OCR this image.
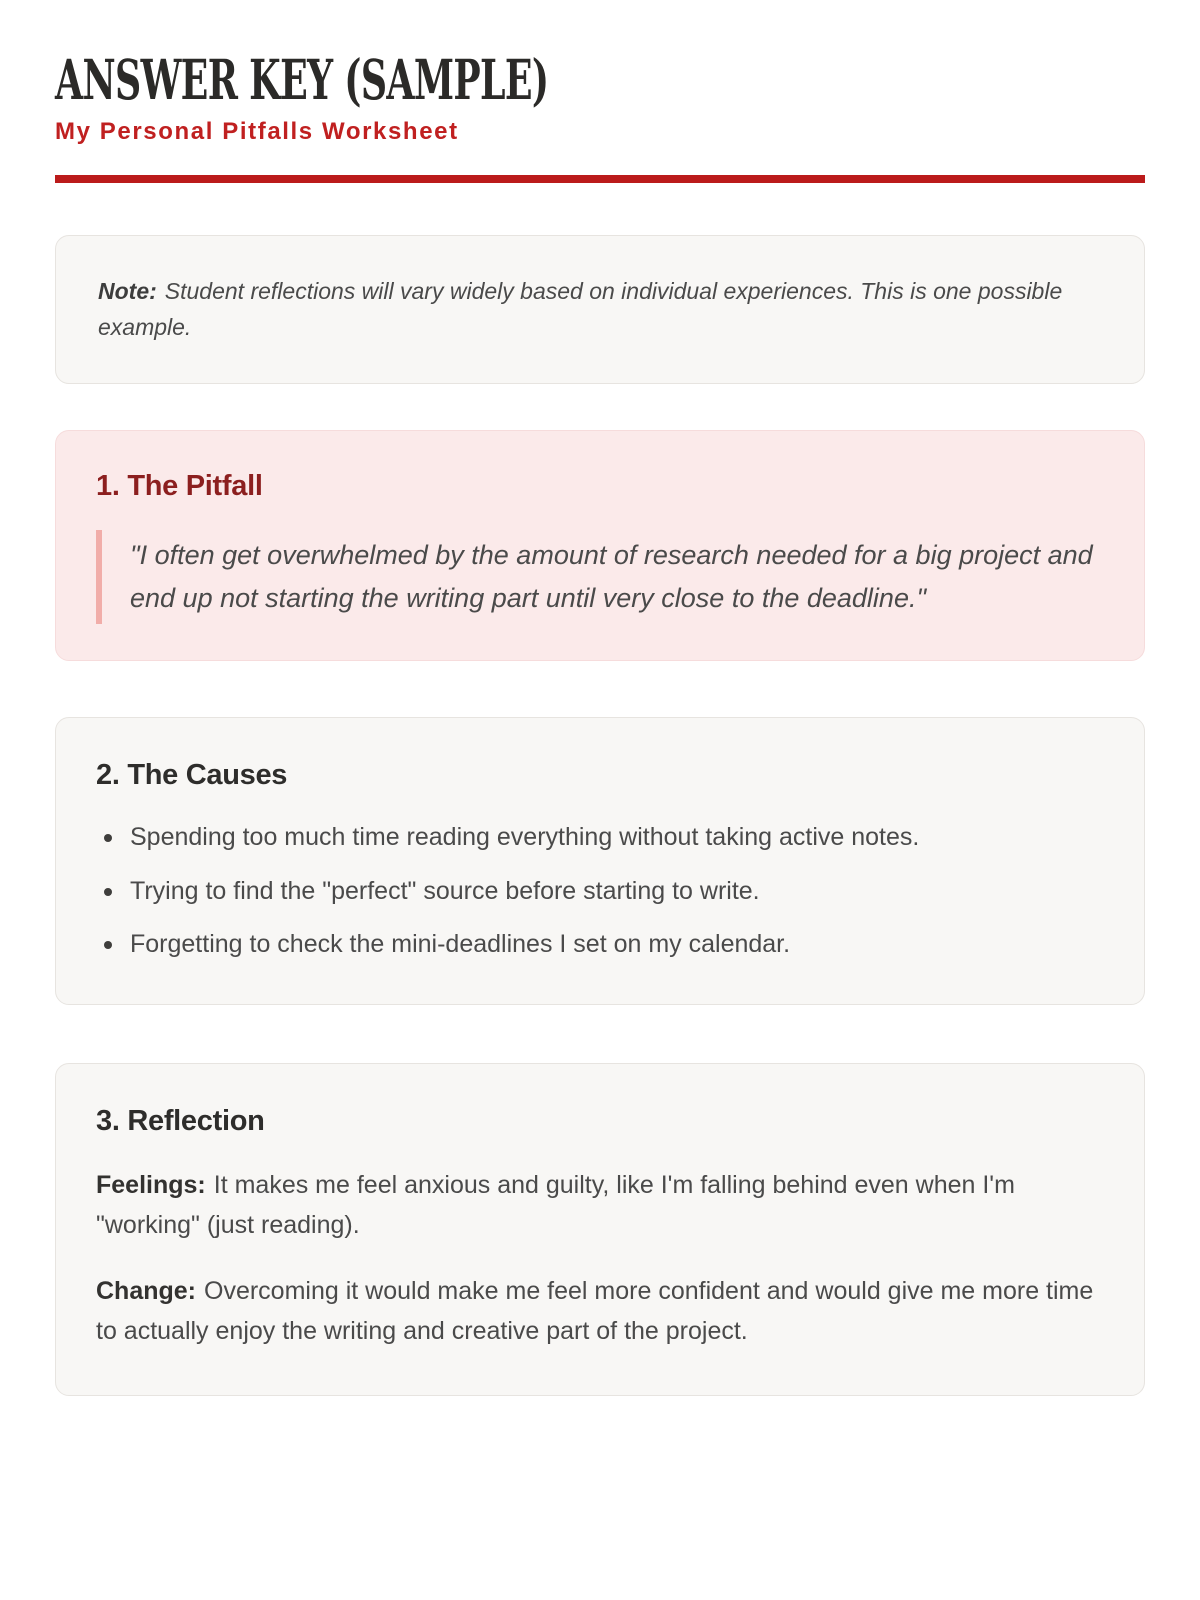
ANSWER KEY (SAMPLE)
My Personal Pitfalls Worksheet

Note: Student reflections will vary widely based on individual experiences. This is one possible example.

1. The Pitfall
"I often get overwhelmed by the amount of research needed for a big project and end up not starting the writing part until very close to the deadline."
2. The Causes
Spending too much time reading everything without taking active notes.
Trying to find the "perfect" source before starting to write.
Forgetting to check the mini-deadlines I set on my calendar.
3. Reflection

Feelings: It makes me feel anxious and guilty, like I'm falling behind even when I'm "working" (just reading).

Change: Overcoming it would make me feel more confident and would give me more time to actually enjoy the writing and creative part of the project.
